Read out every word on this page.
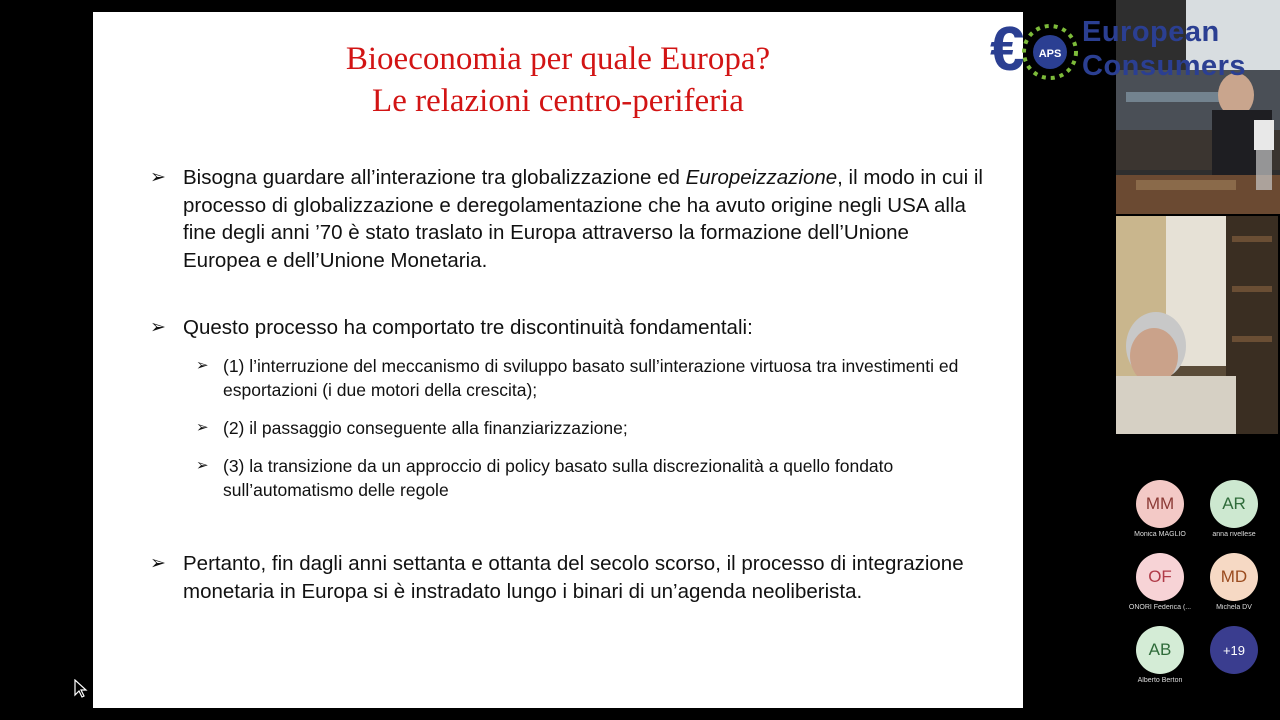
Bioeconomia per quale Europa?
Le relazioni centro-periferia
➢ Bisogna guardare all’interazione tra globalizzazione ed Europeizzazione, il modo in cui il processo di globalizzazione e deregolamentazione che ha avuto origine negli USA alla fine degli anni ’70 è stato traslato in Europa attraverso la formazione dell’Unione Europea e dell’Unione Monetaria.
➢ Questo processo ha comportato tre discontinuità fondamentali:
➢ (1) l’interruzione del meccanismo di sviluppo basato sull’interazione virtuosa tra investimenti ed esportazioni (i due motori della crescita);
➢ (2) il passaggio conseguente alla finanziarizzazione;
➢ (3) la transizione da un approccio di policy basato sulla discrezionalità a quello fondato sull’automatismo delle regole
➢ Pertanto, fin dagli anni settanta e ottanta del secolo scorso, il processo di integrazione monetaria in Europa si è instradato lungo i binari di un’agenda neoliberista.
€ APS
European
Consumers
MM
Monica MAGLIO
AR
anna rivellese
OF
ONORI Federica (...
MD
Michela DV
AB
Alberto Berton
+19
